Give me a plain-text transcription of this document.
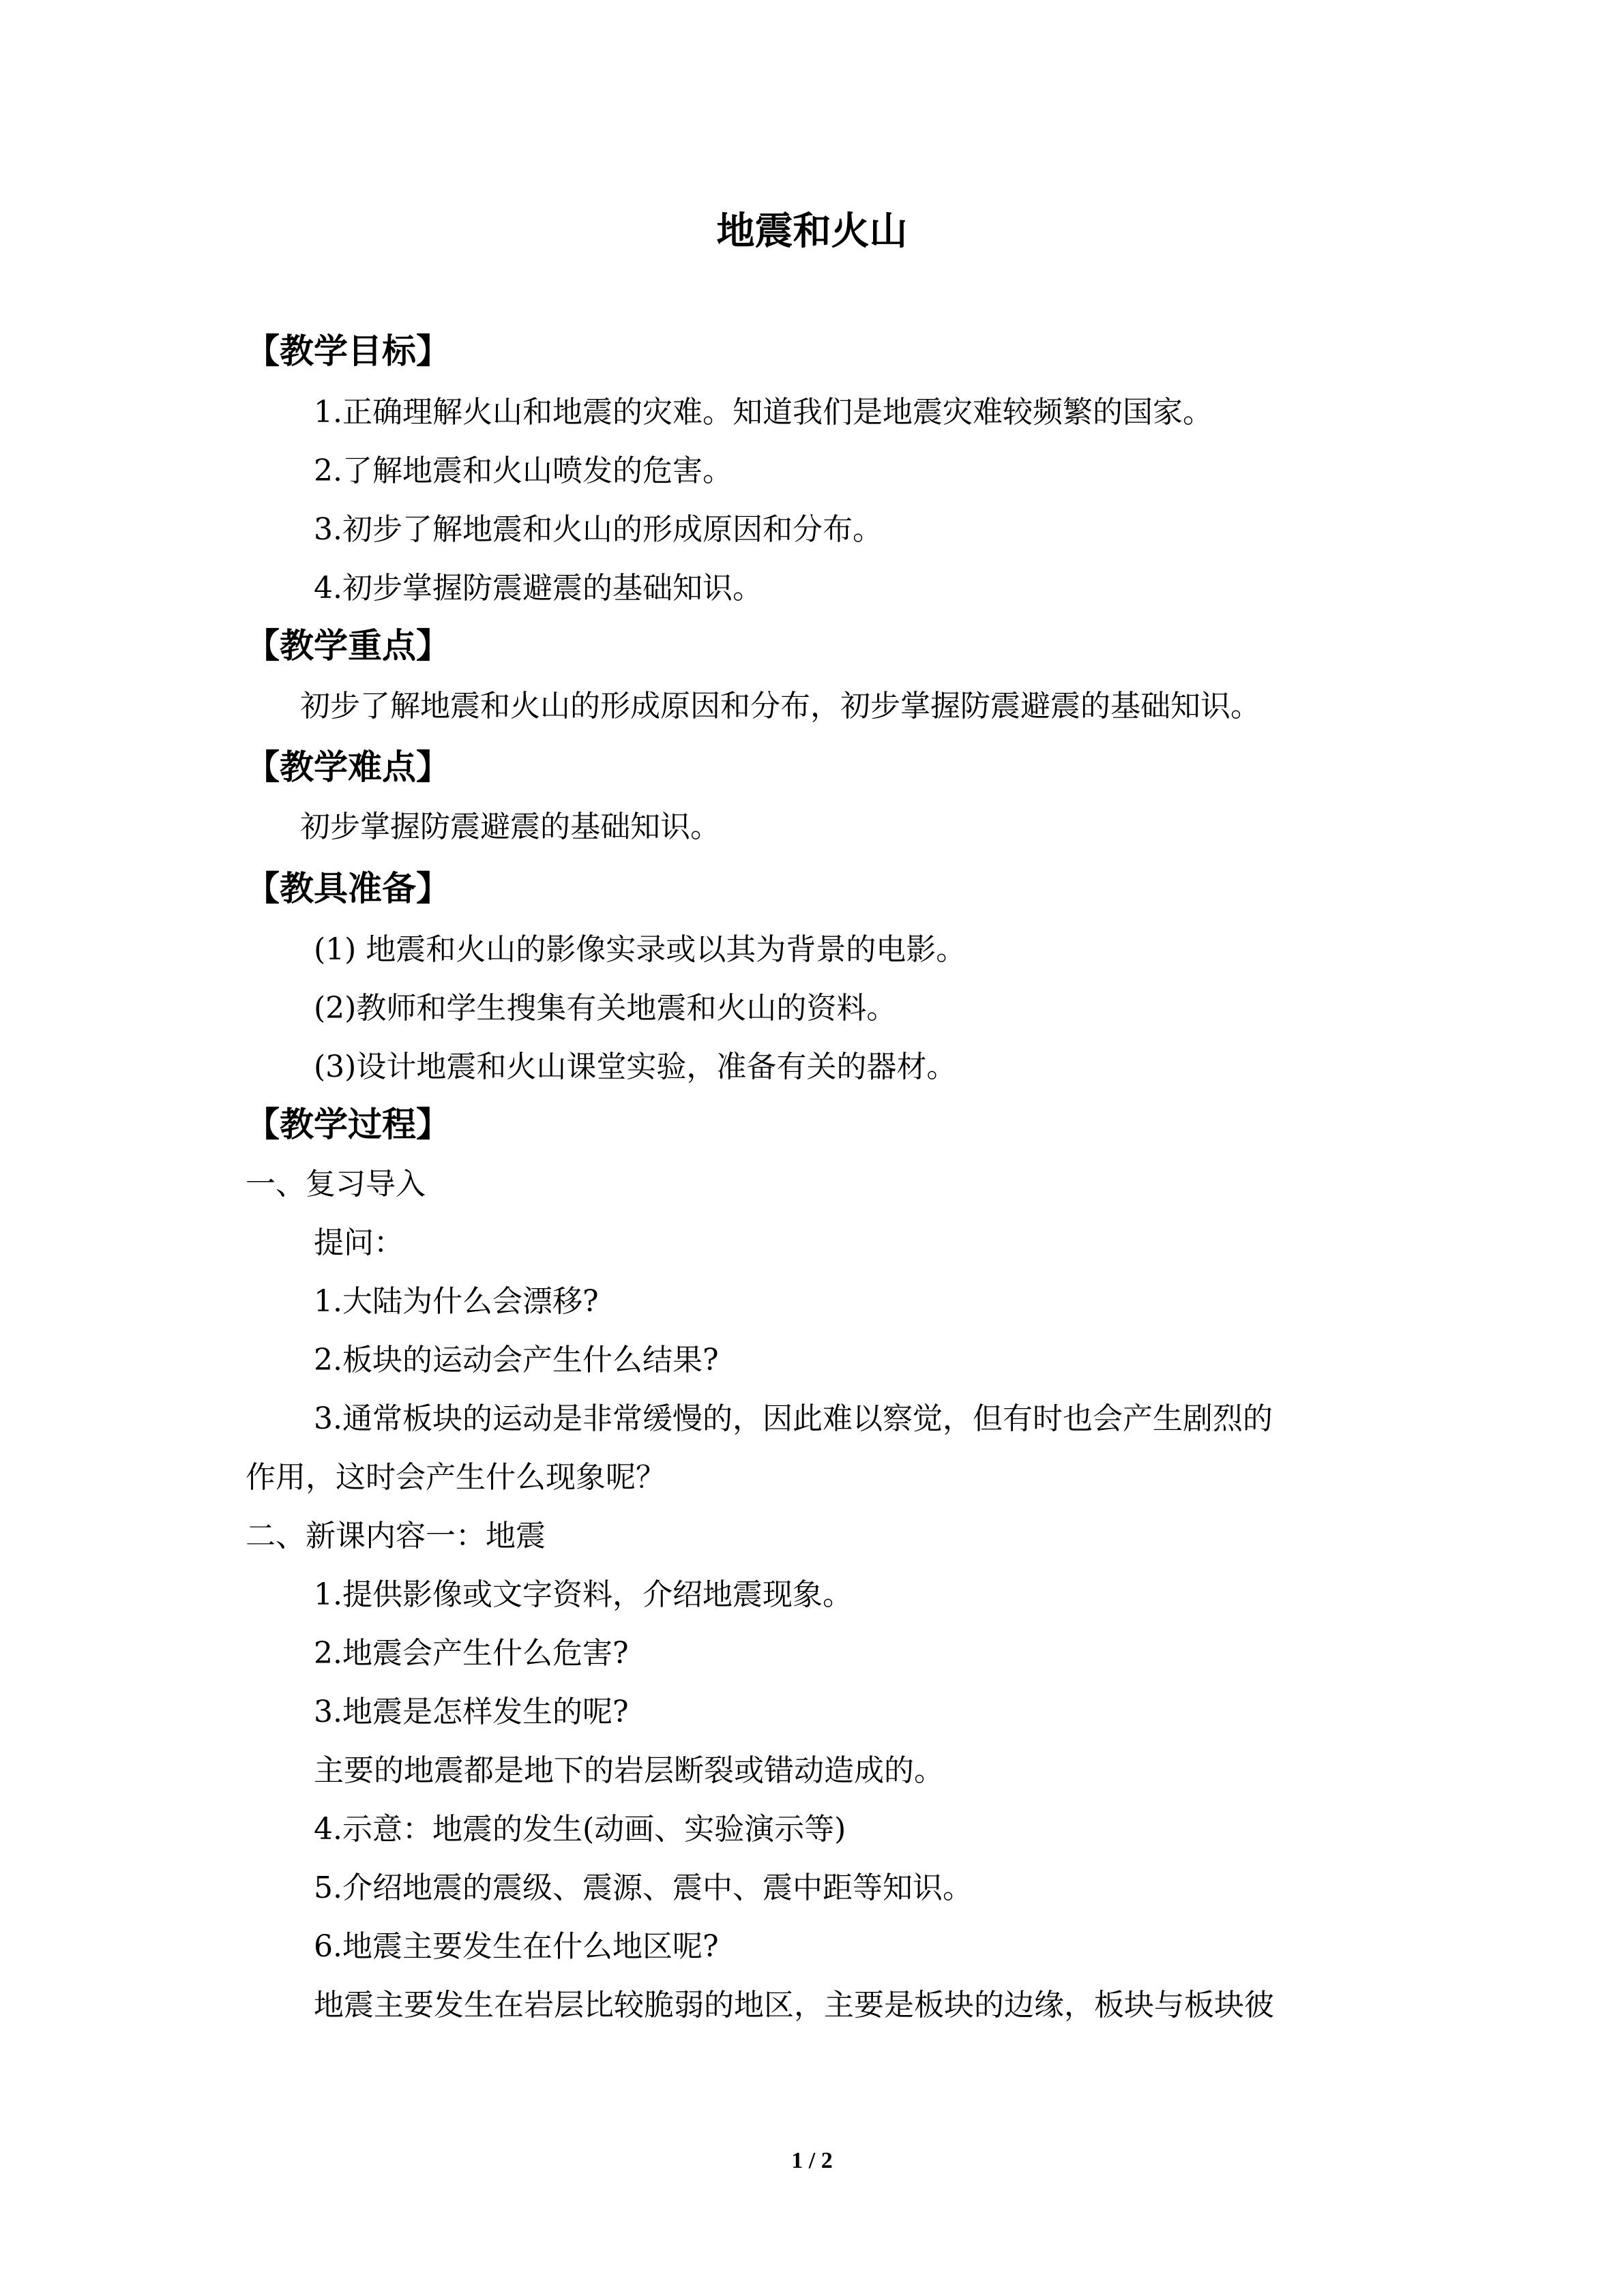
地震和火山
【教学目标】
1.正确理解火山和地震的灾难。知道我们是地震灾难较频繁的国家。
2.了解地震和火山喷发的危害。
3.初步了解地震和火山的形成原因和分布。
4.初步掌握防震避震的基础知识。
【教学重点】
初步了解地震和火山的形成原因和分布，初步掌握防震避震的基础知识。
【教学难点】
初步掌握防震避震的基础知识。
【教具准备】
(1) 地震和火山的影像实录或以其为背景的电影。
(2)教师和学生搜集有关地震和火山的资料。
(3)设计地震和火山课堂实验，准备有关的器材。
【教学过程】
一、复习导入
提问：
1.大陆为什么会漂移?
2.板块的运动会产生什么结果?
3.通常板块的运动是非常缓慢的，因此难以察觉，但有时也会产生剧烈的
作用，这时会产生什么现象呢？
二、新课内容一：地震
1.提供影像或文字资料，介绍地震现象。
2.地震会产生什么危害?
3.地震是怎样发生的呢?
主要的地震都是地下的岩层断裂或错动造成的。
4.示意：地震的发生(动画、实验演示等)
5.介绍地震的震级、震源、震中、震中距等知识。
6.地震主要发生在什么地区呢?
地震主要发生在岩层比较脆弱的地区，主要是板块的边缘，板块与板块彼
1 / 2
